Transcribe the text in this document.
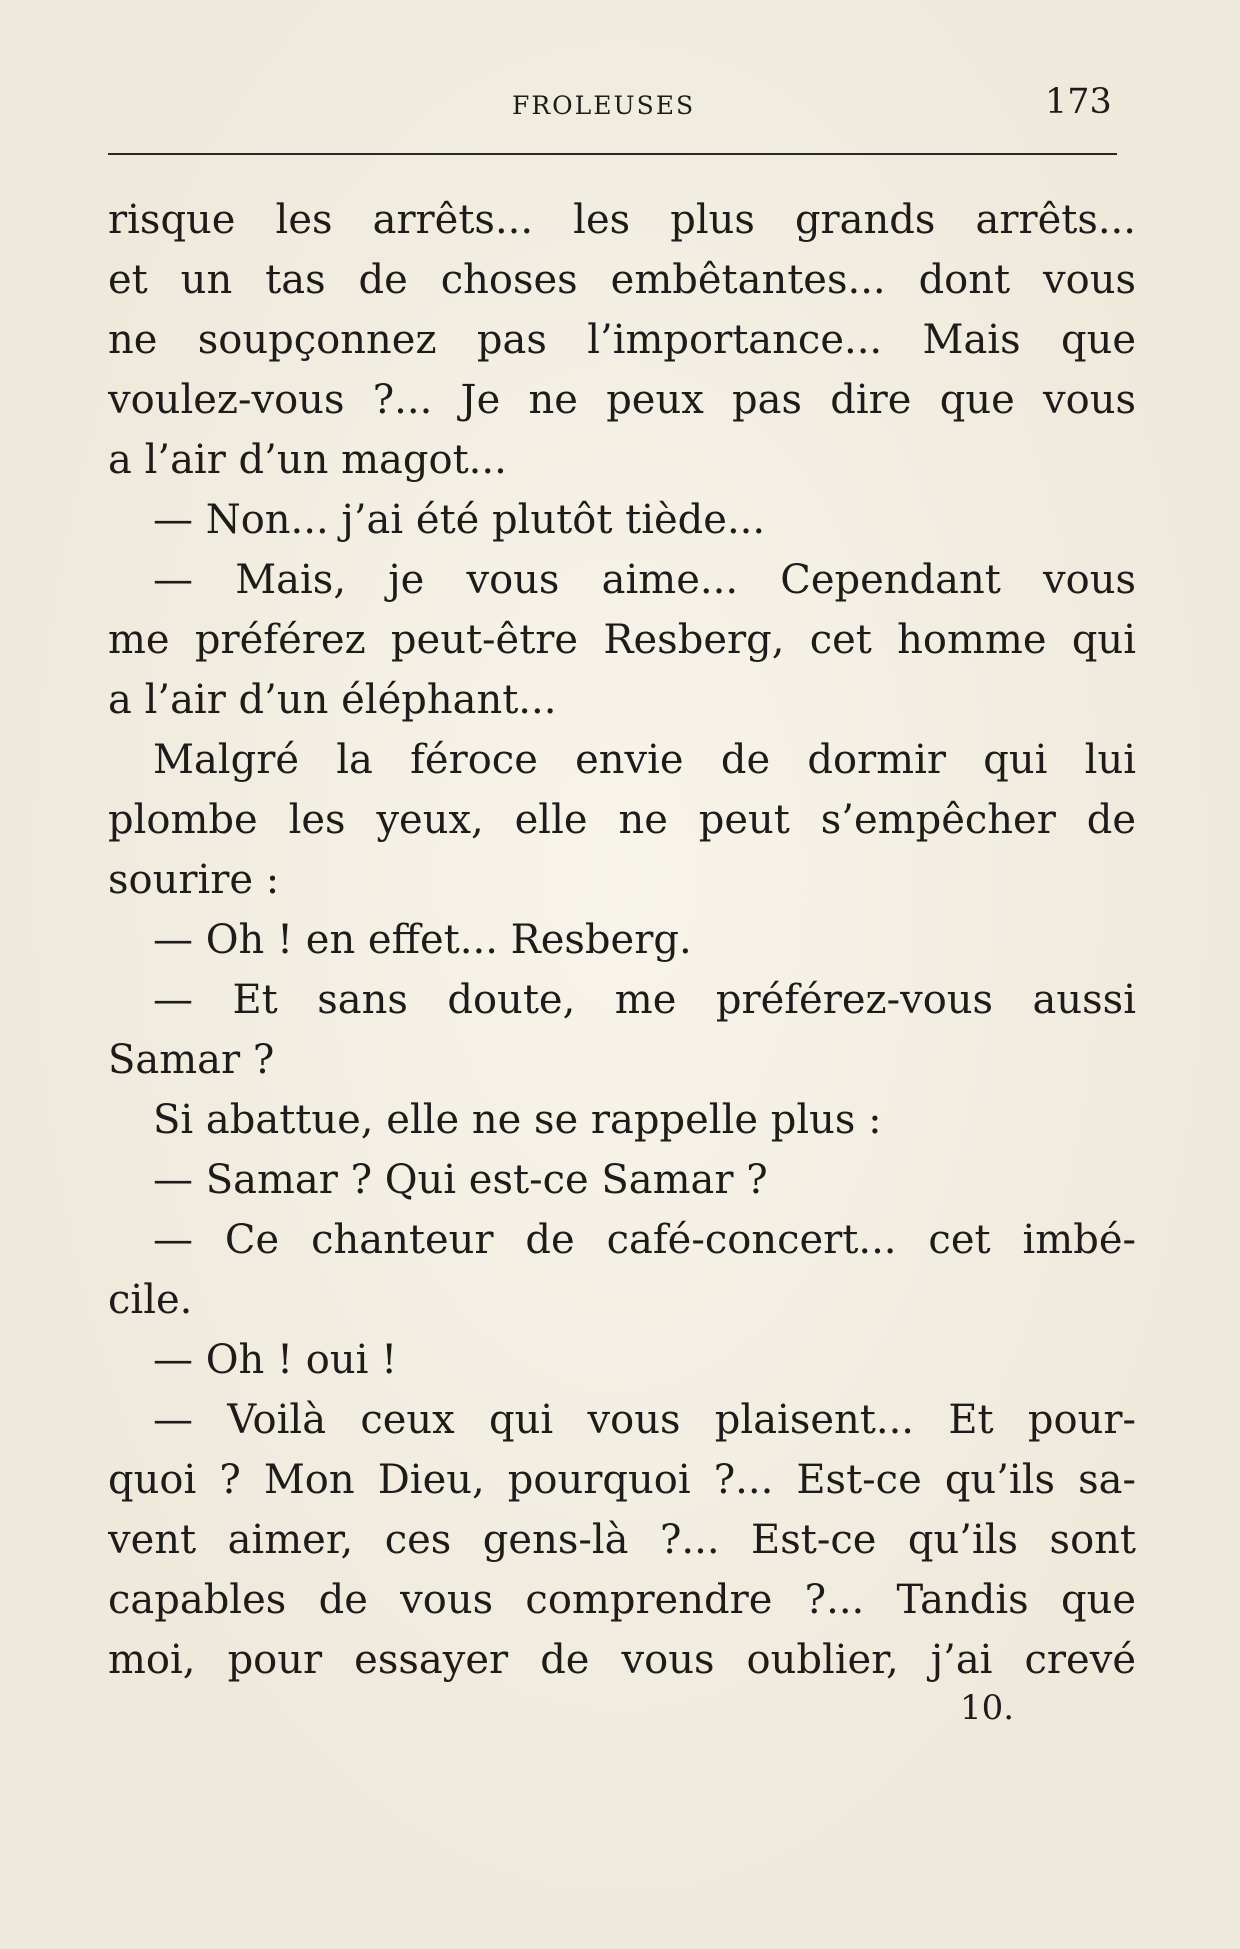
FROLEUSES	173
risque les arrêts... les plus grands arrêts...
et un tas de choses embêtantes... dont vous
ne soupçonnez pas l’importance... Mais que
voulez-vous ?... Je ne peux pas dire que vous
a l’air d’un magot...
— Non... j’ai été plutôt tiède...
— Mais, je vous aime... Cependant vous
me préférez peut-être Resberg, cet homme qui
a l’air d’un éléphant...
Malgré la féroce envie de dormir qui lui
plombe les yeux, elle ne peut s’empêcher de
sourire :
— Oh ! en effet... Resberg.
— Et sans doute, me préférez-vous aussi
Samar ?
Si abattue, elle ne se rappelle plus :
— Samar ? Qui est-ce Samar ?
— Ce chanteur de café-concert... cet imbé-
cile.
— Oh ! oui !
— Voilà ceux qui vous plaisent... Et pour-
quoi ? Mon Dieu, pourquoi ?... Est-ce qu’ils sa-
vent aimer, ces gens-là ?... Est-ce qu’ils sont
capables de vous comprendre ?... Tandis que
moi, pour essayer de vous oublier, j’ai crevé
10.
